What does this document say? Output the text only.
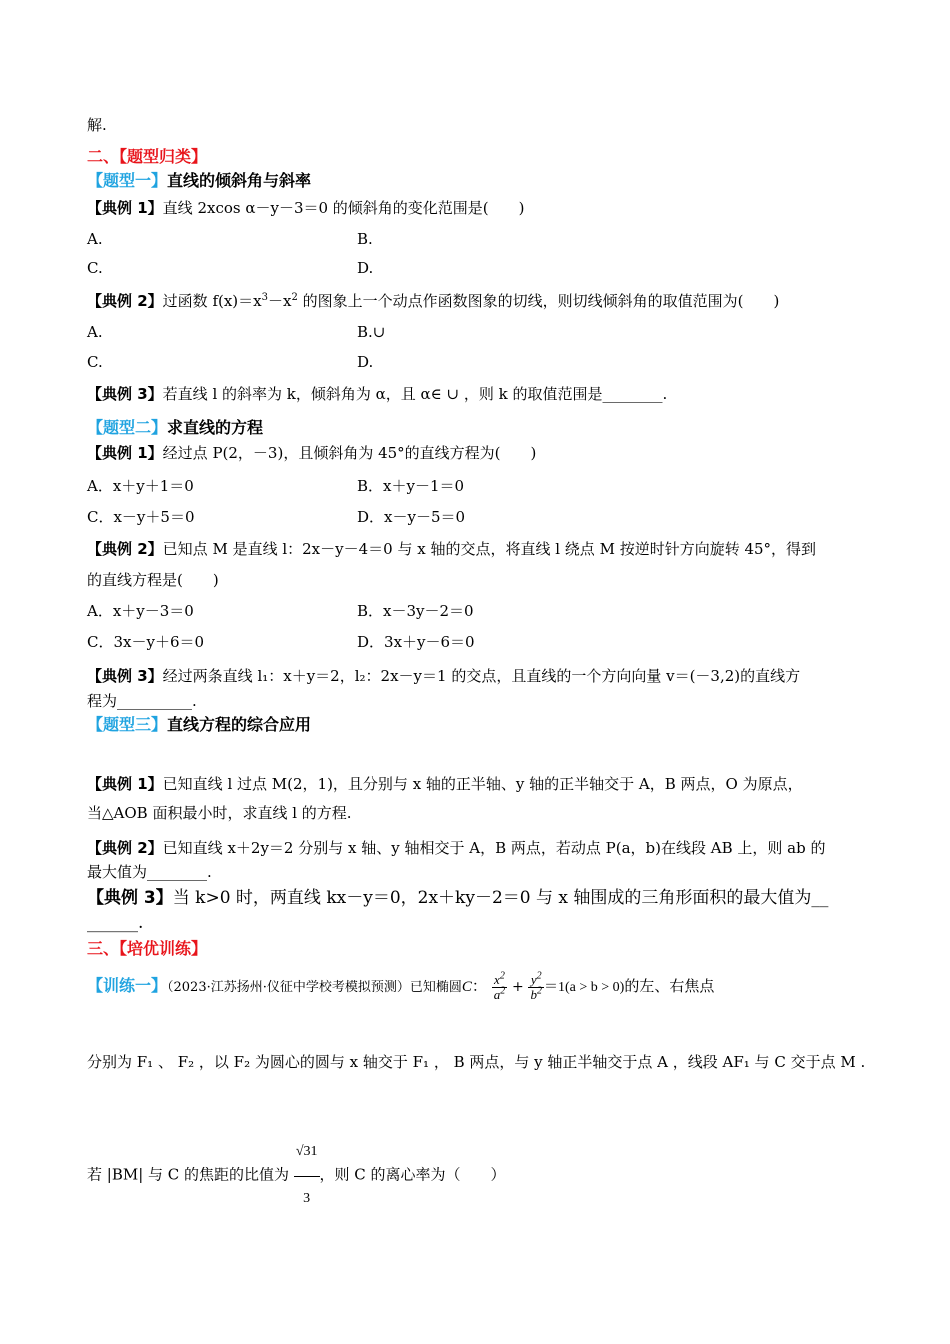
解.
二、【题型归类】
【题型一】直线的倾斜角与斜率
【典例 1】直线 2xcos α－y－3＝0 的倾斜角的变化范围是(　　)
A.	B.
C.	D.
【典例 2】过函数 $f(x)=x^3-x^2$ 的图象上一个动点作函数图象的切线，则切线倾斜角的取值范围为(　　)
A.	B.∪
C.	D.
【典例 3】若直线 l 的斜率为 k，倾斜角为 α，且 α∈ ∪ ，则 k 的取值范围是________.
【题型二】求直线的方程
【典例 1】经过点 P(2，－3)，且倾斜角为 45°的直线方程为(　　)
A．x＋y＋1＝0	B．x＋y－1＝0
C．x－y＋5＝0	D．x－y－5＝0
【典例 2】已知点 M 是直线 l：2x－y－4＝0 与 x 轴的交点，将直线 l 绕点 M 按逆时针方向旋转 45°，得到
的直线方程是(　　)
A．x＋y－3＝0	B．x－3y－2＝0
C．3x－y＋6＝0	D．3x＋y－6＝0
【典例 3】经过两条直线 l₁：x＋y＝2，l₂：2x－y＝1 的交点，且直线的一个方向向量 v＝(－3,2)的直线方
程为__________.
【题型三】直线方程的综合应用
【典例 1】已知直线 l 过点 M(2，1)，且分别与 x 轴的正半轴、y 轴的正半轴交于 A，B 两点，O 为原点，
当△AOB 面积最小时，求直线 l 的方程.
【典例 2】已知直线 x＋2y＝2 分别与 x 轴、y 轴相交于 A，B 两点，若动点 P(a，b)在线段 AB 上，则 ab 的
最大值为________.
【典例 3】当 k>0 时，两直线 kx－y＝0，2x＋ky－2＝0 与 x 轴围成的三角形面积的最大值为__
______.
三、【培优训练】
【训练一】（2023·江苏扬州·仪征中学校考模拟预测）已知椭圆C： $\frac{x^2}{a^2} + \frac{y^2}{b^2} =1(a > b > 0)$的左、右焦点
分别为 F₁ 、 F₂ ，以 F₂ 为圆心的圆与 x 轴交于 F₁ ， B 两点，与 y 轴正半轴交于点 A ，线段 AF₁ 与 C 交于点 M .
若 |BM| 与 C 的焦距的比值为 $\frac{√31}{3}$，则 C 的离心率为（　　）
